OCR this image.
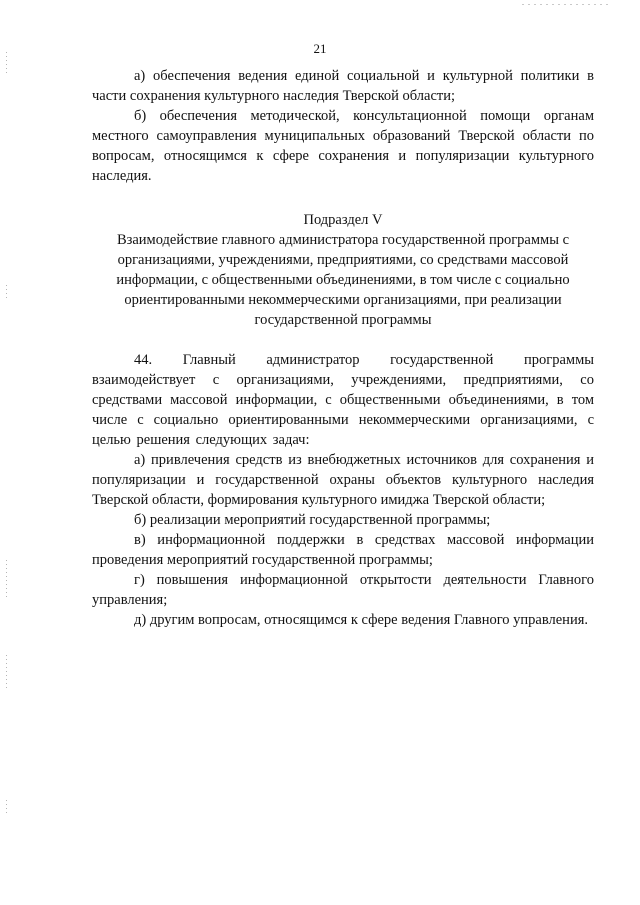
21

а) обеспечения ведения единой социальной и культурной политики в части сохранения культурного наследия Тверской области;

б) обеспечения методической, консультационной помощи органам местного самоуправления муниципальных образований Тверской области по вопросам, относящимся к сфере сохранения и популяризации культурного наследия.

Подраздел V
Взаимодействие главного администратора государственной программы с
организациями, учреждениями, предприятиями, со средствами массовой
информации, с общественными объединениями, в том числе с социально
ориентированными некоммерческими организациями, при реализации
государственной программы

44. Главный администратор государственной программы взаимодействует с организациями, учреждениями, предприятиями, со средствами массовой информации, с общественными объединениями, в том числе с социально ориентированными некоммерческими организациями, с целью решения следующих задач:

а) привлечения средств из внебюджетных источников для сохранения и популяризации и государственной охраны объектов культурного наследия Тверской области, формирования культурного имиджа Тверской области;

б) реализации мероприятий государственной программы;

в) информационной поддержки в средствах массовой информации проведения мероприятий государственной программы;

г) повышения информационной открытости деятельности Главного управления;

д) другим вопросам, относящимся к сфере ведения Главного управления.
